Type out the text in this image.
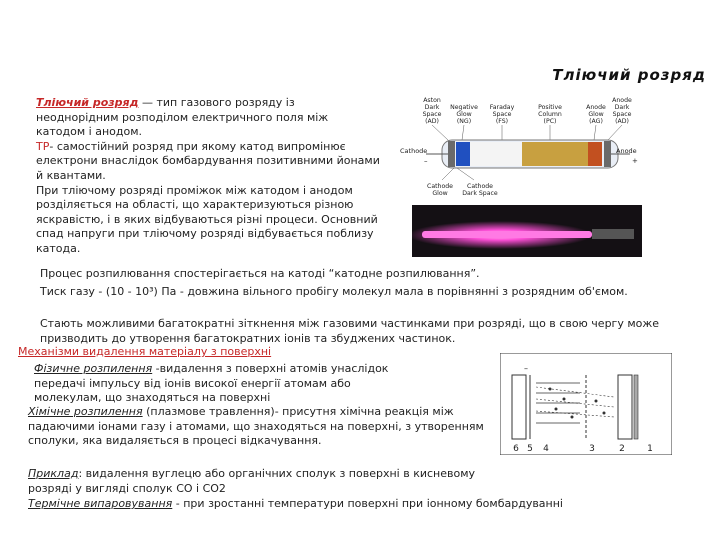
Тліючий розряд
Тліючий розряд — тип газового розряду із неоднорідним розподілом електричного поля між катодом і анодом.
ТР- самостійний розряд при якому катод випромінює електрони внаслідок бомбардування позитивними йонами й квантами.
При тліючому розряді проміжок між катодом і анодом розділяється на області, що характеризуються різною яскравістю, і в яких відбуваються різні процеси. Основний спад напруги при тліючому розряді відбувається поблизу катода.
Aston
Dark
Space
(AD)
Negative
Glow
(NG)
Faraday
Space
(FS)
Positive
Column
(PC)
Anode
Glow
(AG)
Anode
Dark
Space
(AD)
Cathode
–
Anode
+
Cathode
Glow
Cathode
Dark Space
Процес розпилювання спостерігається на катоді “катодне розпилювання”.
Тиск газу - (10 - 10³) Па - довжина вільного пробігу молекул мала в порівнянні з розрядним об'ємом.
Стають можливими багатократні зіткнення між газовими частинками при розряді, що в свою чергу може призводить до утворення багатократних іонів та збуджених частинок.
Механізми видалення матеріалу з поверхні
Фізичне розпилення -видалення з поверхні атомів унаслідок передачі імпульсу від іонів високої енергії атомам або молекулам, що знаходяться на поверхні
–
6 5 4	3	2 1
Хімічне розпилення (плазмове травлення)- присутня хімічна реакція між падаючими іонами газу і атомами, що знаходяться на поверхні, з утворенням сполуки, яка видаляється в процесі відкачування.
Приклад: видалення вуглецю або органічних сполук з поверхні в кисневому розряді у вигляді сполук CO і CO2
Термічне випаровування - при зростанні температури поверхні при іонному бомбардуванні
